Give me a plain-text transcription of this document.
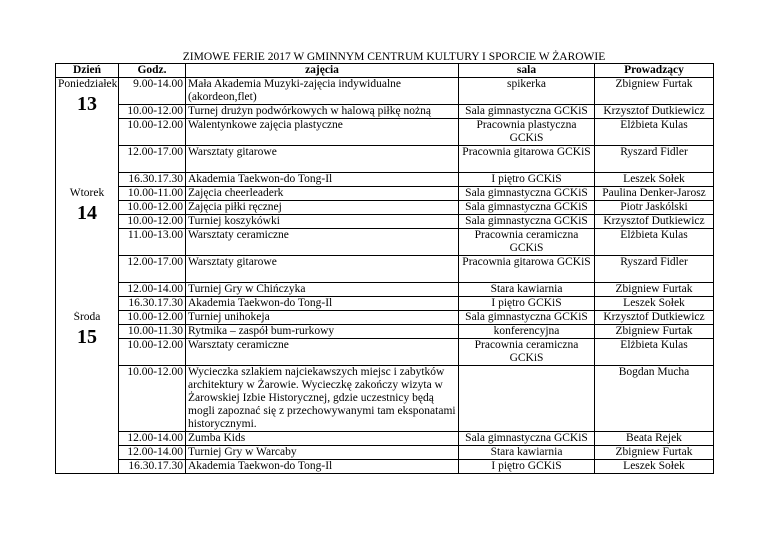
ZIMOWE FERIE 2017 W GMINNYM CENTRUM KULTURY I SPORCIE W ŻAROWIE
Dzień	Godz.	zajęcia	sala	Prowadzący

Poniedziałek
13	9.00-14.00	Mała Akademia Muzyki-zajęcia indywidualne (akordeon,flet)	spikerka	Zbigniew Furtak
	10.00-12.00	Turnej drużyn podwórkowych w halową piłkę nożną	Sala gimnastyczna GCKiS	Krzysztof Dutkiewicz
	10.00-12.00	Walentynkowe zajęcia plastyczne	Pracownia plastyczna GCKiS	Elżbieta Kulas
	12.00-17.00	Warsztaty gitarowe	Pracownia gitarowa GCKiS	Ryszard Fidler
	16.30.17.30	Akademia Taekwon-do Tong-Il	I piętro GCKiS	Leszek Sołek

Wtorek
14	10.00-11.00	Zajęcia cheerleaderk	Sala gimnastyczna GCKiS	Paulina Denker-Jarosz
	10.00-12.00	Zajęcia piłki ręcznej	Sala gimnastyczna GCKiS	Piotr Jaskólski
	10.00-12.00	Turniej koszykówki	Sala gimnastyczna GCKiS	Krzysztof Dutkiewicz
	11.00-13.00	Warsztaty ceramiczne	Pracownia ceramiczna GCKiS	Elżbieta Kulas
	12.00-17.00	Warsztaty gitarowe	Pracownia gitarowa GCKiS	Ryszard Fidler
	12.00-14.00	Turniej Gry w Chińczyka	Stara kawiarnia	Zbigniew Furtak
	16.30.17.30	Akademia Taekwon-do Tong-Il	I piętro GCKiS	Leszek Sołek

Środa
15	10.00-12.00	Turniej unihokeja	Sala gimnastyczna GCKiS	Krzysztof Dutkiewicz
	10.00-11.30	Rytmika – zaspół bum-rurkowy	konferencyjna	Zbigniew Furtak
	10.00-12.00	Warsztaty ceramiczne	Pracownia ceramiczna GCKiS	Elżbieta Kulas
	10.00-12.00	Wycieczka szlakiem najciekawszych miejsc i zabytków architektury w Żarowie. Wycieczkę zakończy wizyta w Żarowskiej Izbie Historycznej, gdzie uczestnicy będą mogli zapoznać się z przechowywanymi tam eksponatami historycznymi.		Bogdan Mucha
	12.00-14.00	Zumba Kids	Sala gimnastyczna GCKiS	Beata Rejek
	12.00-14.00	Turniej Gry w Warcaby	Stara kawiarnia	Zbigniew Furtak
	16.30.17.30	Akademia Taekwon-do Tong-Il	I piętro GCKiS	Leszek Sołek
